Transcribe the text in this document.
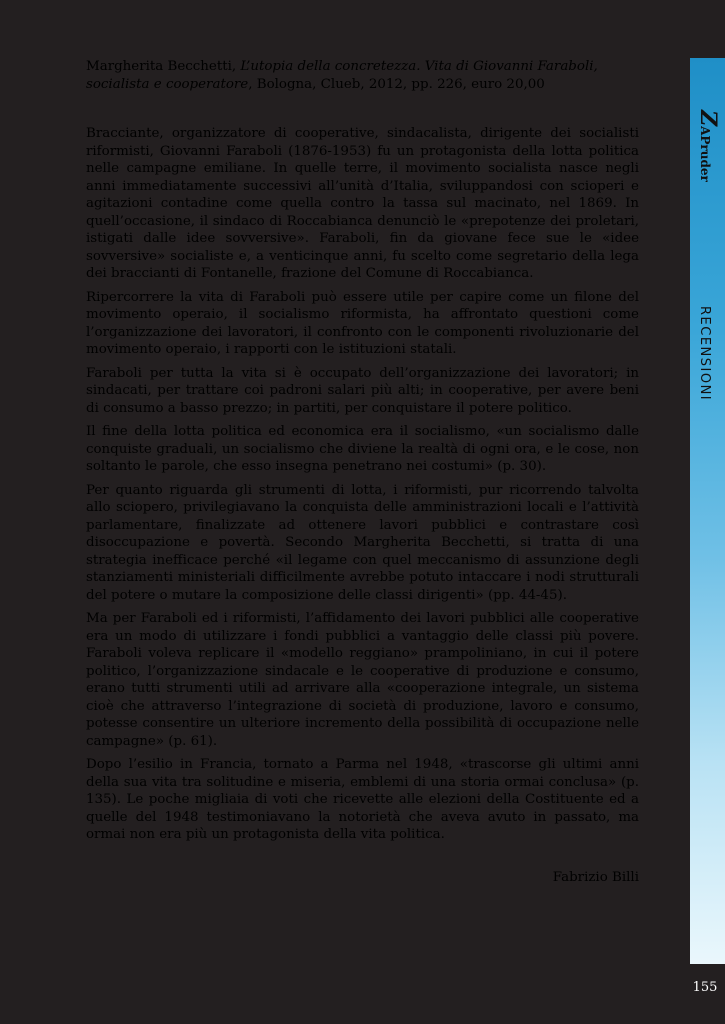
ZAPruder
RECENSIONI

Margherita Becchetti, L’utopia della concretezza. Vita di Giovanni Faraboli, socialista e cooperatore, Bologna, Clueb, 2012, pp. 226, euro 20,00

Bracciante, organizzatore di cooperative, sindacalista, dirigente dei socialisti riformisti, Giovanni Faraboli (1876-1953) fu un protagonista della lotta politica nelle campagne emiliane. In quelle terre, il movimento socialista nasce negli anni immediatamente successivi all’unità d’Italia, sviluppandosi con scioperi e agitazioni contadine come quella contro la tassa sul macinato, nel 1869. In quell’occasione, il sindaco di Roccabianca denunciò le «prepotenze dei proletari, istigati dalle idee sovversive». Faraboli, fin da giovane fece sue le «idee sovversive» socialiste e, a venticinque anni, fu scelto come segretario della lega dei braccianti di Fontanelle, frazione del Comune di Roccabianca.

Ripercorrere la vita di Faraboli può essere utile per capire come un filone del movimento operaio, il socialismo riformista, ha affrontato questioni come l’organizzazione dei lavoratori, il confronto con le componenti rivoluzionarie del movimento operaio, i rapporti con le istituzioni statali.

Faraboli per tutta la vita si è occupato dell’organizzazione dei lavoratori; in sindacati, per trattare coi padroni salari più alti; in cooperative, per avere beni di consumo a basso prezzo; in partiti, per conquistare il potere politico.

Il fine della lotta politica ed economica era il socialismo, «un socialismo dalle conquiste graduali, un socialismo che diviene la realtà di ogni ora, e le cose, non soltanto le parole, che esso insegna penetrano nei costumi» (p. 30).

Per quanto riguarda gli strumenti di lotta, i riformisti, pur ricorrendo talvolta allo sciopero, privilegiavano la conquista delle amministrazioni locali e l’attività parlamentare, finalizzate ad ottenere lavori pubblici e contrastare così disoccupazione e povertà. Secondo Margherita Becchetti, si tratta di una strategia inefficace perché «il legame con quel meccanismo di assunzione degli stanziamenti ministeriali difficilmente avrebbe potuto intaccare i nodi strutturali del potere o mutare la composizione delle classi dirigenti» (pp. 44-45).

Ma per Faraboli ed i riformisti, l’affidamento dei lavori pubblici alle cooperative era un modo di utilizzare i fondi pubblici a vantaggio delle classi più povere. Faraboli voleva replicare il «modello reggiano» prampoliniano, in cui il potere politico, l’organizzazione sindacale e le cooperative di produzione e consumo, erano tutti strumenti utili ad arrivare alla «cooperazione integrale, un sistema cioè che attraverso l’integrazione di società di produzione, lavoro e consumo, potesse consentire un ulteriore incremento della possibilità di occupazione nelle campagne» (p. 61).

Dopo l’esilio in Francia, tornato a Parma nel 1948, «trascorse gli ultimi anni della sua vita tra solitudine e miseria, emblemi di una storia ormai conclusa» (p. 135). Le poche migliaia di voti che ricevette alle elezioni della Costituente ed a quelle del 1948 testimoniavano la notorietà che aveva avuto in passato, ma ormai non era più un protagonista della vita politica.

Fabrizio Billi
155
